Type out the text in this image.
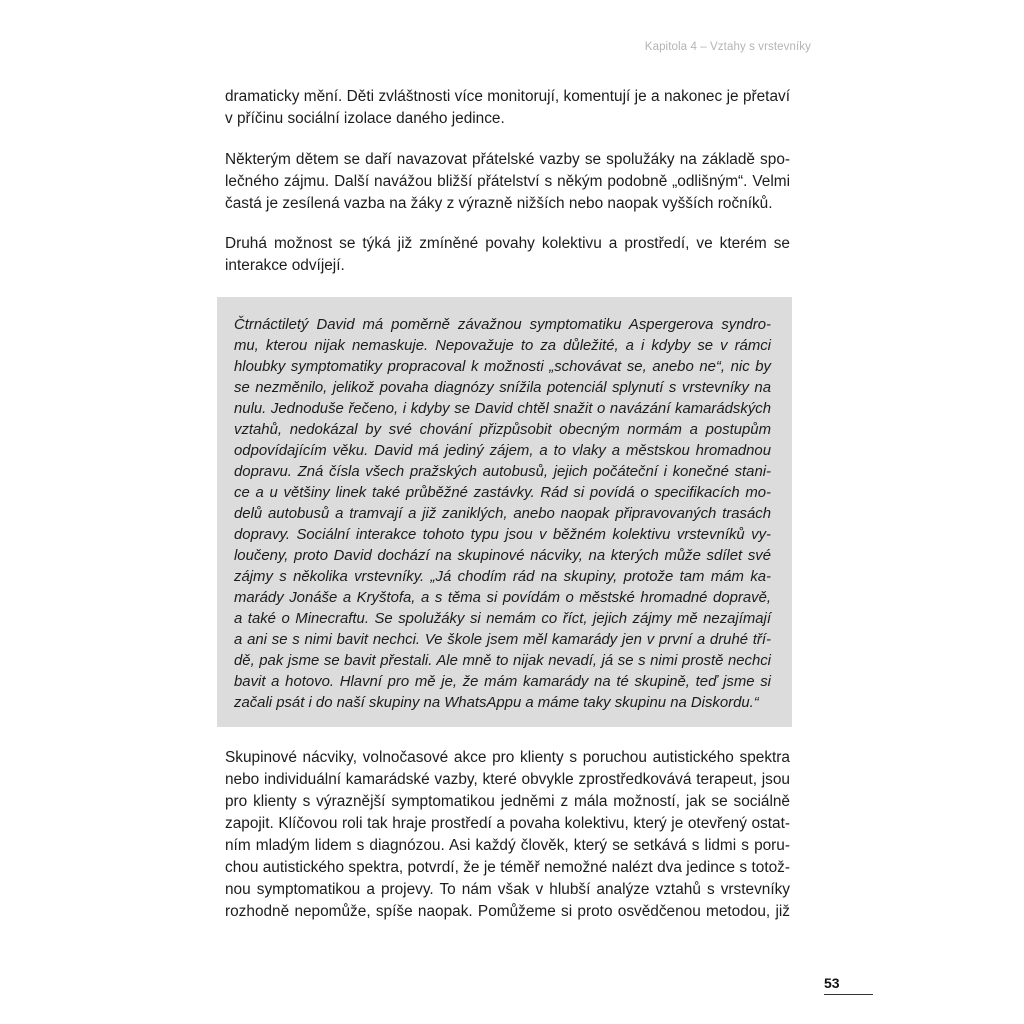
Kapitola 4 – Vztahy s vrstevníky
dramaticky mění. Děti zvláštnosti více monitorují, komentují je a nakonec je přetaví
v příčinu sociální izolace daného jedince.
Některým dětem se daří navazovat přátelské vazby se spolužáky na základě spo-
lečného zájmu. Další navážou bližší přátelství s někým podobně „odlišným“. Velmi
častá je zesílená vazba na žáky z výrazně nižších nebo naopak vyšších ročníků.
Druhá možnost se týká již zmíněné povahy kolektivu a prostředí, ve kterém se
interakce odvíjejí.
Čtrnáctiletý David má poměrně závažnou symptomatiku Aspergerova syndro-
mu, kterou nijak nemaskuje. Nepovažuje to za důležité, a i kdyby se v rámci
hloubky symptomatiky propracoval k možnosti „schovávat se, anebo ne“, nic by
se nezměnilo, jelikož povaha diagnózy snížila potenciál splynutí s vrstevníky na
nulu. Jednoduše řečeno, i kdyby se David chtěl snažit o navázání kamarádských
vztahů, nedokázal by své chování přizpůsobit obecným normám a postupům
odpovídajícím věku. David má jediný zájem, a to vlaky a městskou hromadnou
dopravu. Zná čísla všech pražských autobusů, jejich počáteční i konečné stani-
ce a u většiny linek také průběžné zastávky. Rád si povídá o specifikacích mo-
delů autobusů a tramvají a již zaniklých, anebo naopak připravovaných trasách
dopravy. Sociální interakce tohoto typu jsou v běžném kolektivu vrstevníků vy-
loučeny, proto David dochází na skupinové nácviky, na kterých může sdílet své
zájmy s několika vrstevníky. „Já chodím rád na skupiny, protože tam mám ka-
marády Jonáše a Kryštofa, a s těma si povídám o městské hromadné dopravě,
a také o Minecraftu. Se spolužáky si nemám co říct, jejich zájmy mě nezajímají
a ani se s nimi bavit nechci. Ve škole jsem měl kamarády jen v první a druhé tří-
dě, pak jsme se bavit přestali. Ale mně to nijak nevadí, já se s nimi prostě nechci
bavit a hotovo. Hlavní pro mě je, že mám kamarády na té skupině, teď jsme si
začali psát i do naší skupiny na WhatsAppu a máme taky skupinu na Diskordu.“
Skupinové nácviky, volnočasové akce pro klienty s poruchou autistického spektra
nebo individuální kamarádské vazby, které obvykle zprostředkovává terapeut, jsou
pro klienty s výraznější symptomatikou jedněmi z mála možností, jak se sociálně
zapojit. Klíčovou roli tak hraje prostředí a povaha kolektivu, který je otevřený ostat-
ním mladým lidem s diagnózou. Asi každý člověk, který se setkává s lidmi s poru-
chou autistického spektra, potvrdí, že je téměř nemožné nalézt dva jedince s totož-
nou symptomatikou a projevy. To nám však v hlubší analýze vztahů s vrstevníky
rozhodně nepomůže, spíše naopak. Pomůžeme si proto osvědčenou metodou, již
53
